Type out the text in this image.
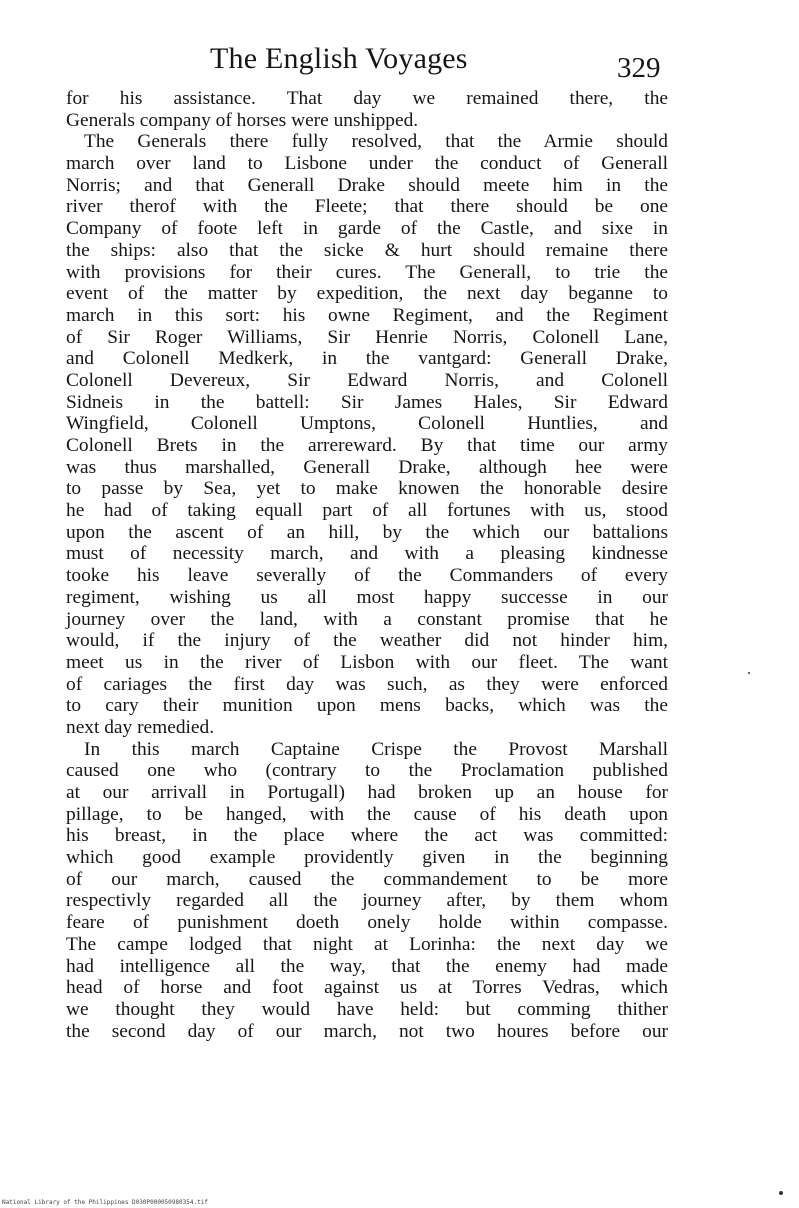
The English Voyages	329
for his assistance. That day we remained there, the
Generals company of horses were unshipped.
The Generals there fully resolved, that the Armie should
march over land to Lisbone under the conduct of Generall
Norris; and that Generall Drake should meete him in the
river therof with the Fleete; that there should be one
Company of foote left in garde of the Castle, and sixe in
the ships: also that the sicke & hurt should remaine there
with provisions for their cures. The Generall, to trie the
event of the matter by expedition, the next day beganne to
march in this sort: his owne Regiment, and the Regiment
of Sir Roger Williams, Sir Henrie Norris, Colonell Lane,
and Colonell Medkerk, in the vantgard: Generall Drake,
Colonell Devereux, Sir Edward Norris, and Colonell
Sidneis in the battell: Sir James Hales, Sir Edward
Wingfield, Colonell Umptons, Colonell Huntlies, and
Colonell Brets in the arrereward. By that time our army
was thus marshalled, Generall Drake, although hee were
to passe by Sea, yet to make knowen the honorable desire
he had of taking equall part of all fortunes with us, stood
upon the ascent of an hill, by the which our battalions
must of necessity march, and with a pleasing kindnesse
tooke his leave severally of the Commanders of every
regiment, wishing us all most happy successe in our
journey over the land, with a constant promise that he
would, if the injury of the weather did not hinder him,
meet us in the river of Lisbon with our fleet. The want
of cariages the first day was such, as they were enforced
to cary their munition upon mens backs, which was the
next day remedied.
In this march Captaine Crispe the Provost Marshall
caused one who (contrary to the Proclamation published
at our arrivall in Portugall) had broken up an house for
pillage, to be hanged, with the cause of his death upon
his breast, in the place where the act was committed:
which good example providently given in the beginning
of our march, caused the commandement to be more
respectivly regarded all the journey after, by them whom
feare of punishment doeth onely holde within compasse.
The campe lodged that night at Lorinha: the next day we
had intelligence all the way, that the enemy had made
head of horse and foot against us at Torres Vedras, which
we thought they would have held: but comming thither
the second day of our march, not two houres before our
National Library of the Philippines D030P000050980354.tif
